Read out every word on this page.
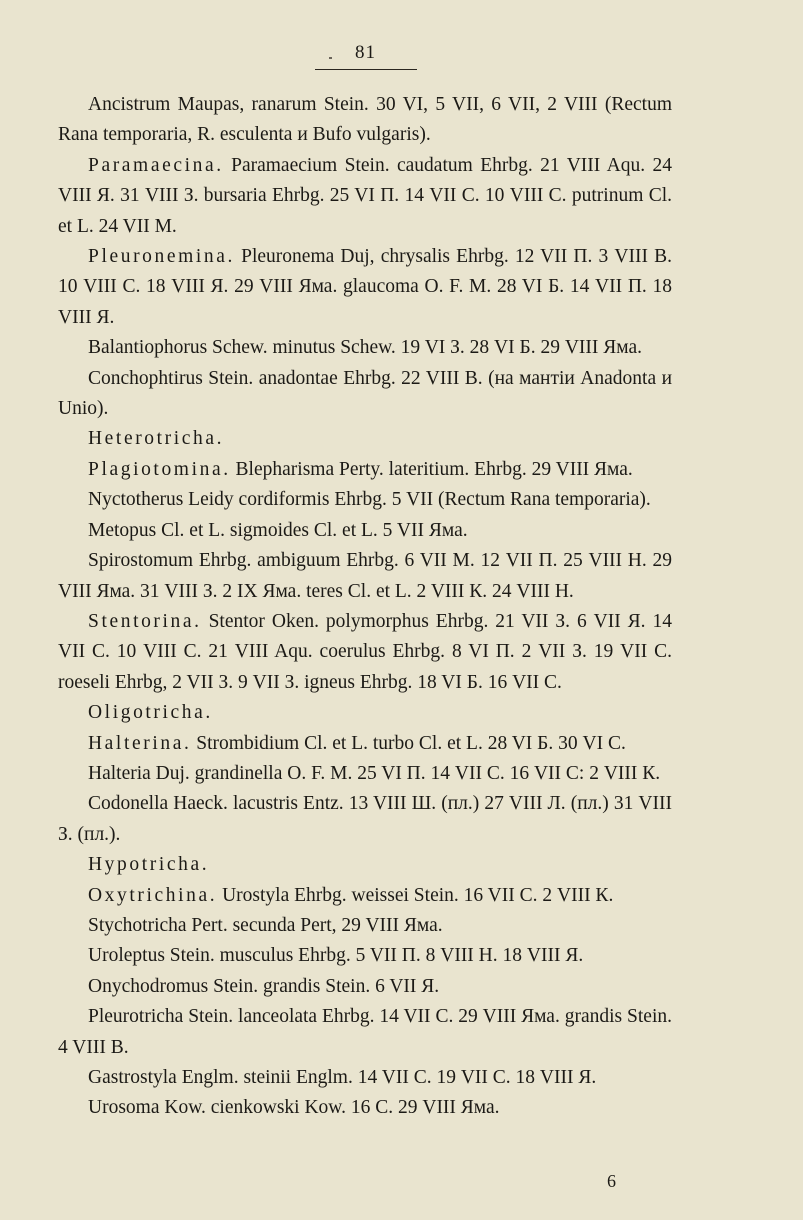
81

Ancistrum Maupas, ranarum Stein. 30 VI, 5 VII, 6 VII, 2 VIII (Rectum Rana temporaria, R. esculenta и Bufo vulgaris).

Paramaecina. Paramaecium Stein. caudatum Ehrbg. 21 VIII Aqu. 24 VIII Я. 31 VIII З. bursaria Ehrbg. 25 VI П. 14 VII С. 10 VIII С. putrinum Cl. et L. 24 VII М.

Pleuronemina. Pleuronema Duj, chrysalis Ehrbg. 12 VII П. 3 VIII В. 10 VIII С. 18 VIII Я. 29 VIII Яма. glaucoma O. F. M. 28 VI Б. 14 VII П. 18 VIII Я.

Balantiophorus Schew. minutus Schew. 19 VI З. 28 VI Б. 29 VIII Яма.

Conchophtirus Stein. anadontae Ehrbg. 22 VIII В. (на мантіи Anadonta и Unio).

Heterotricha.

Plagiotomina. Blepharisma Perty. lateritium. Ehrbg. 29 VIII Яма.

Nyctotherus Leidy cordiformis Ehrbg. 5 VII (Rectum Rana temporaria).

Metopus Cl. et L. sigmoides Cl. et L. 5 VII Яма.

Spirostomum Ehrbg. ambiguum Ehrbg. 6 VII М. 12 VII П. 25 VIII Н. 29 VIII Яма. 31 VIII З. 2 IX Яма. teres Cl. et L. 2 VIII К. 24 VIII Н.

Stentorina. Stentor Oken. polymorphus Ehrbg. 21 VII З. 6 VII Я. 14 VII С. 10 VIII С. 21 VIII Aqu. coerulus Ehrbg. 8 VI П. 2 VII З. 19 VII С. roeseli Ehrbg, 2 VII З. 9 VII З. igneus Ehrbg. 18 VI Б. 16 VII С.

Oligotricha.

Halterina. Strombidium Cl. et L. turbo Cl. et L. 28 VI Б. 30 VI С.

Halteria Duj. grandinella O. F. M. 25 VI П. 14 VII С. 16 VII С: 2 VIII К.

Codonella Haeck. lacustris Entz. 13 VIII Ш. (пл.) 27 VIII Л. (пл.) 31 VIII З. (пл.).

Hypotricha.

Oxytrichina. Urostyla Ehrbg. weissei Stein. 16 VII С. 2 VIII К.

Stychotricha Pert. secunda Pert, 29 VIII Яма.

Uroleptus Stein. musculus Ehrbg. 5 VII П. 8 VIII Н. 18 VIII Я.

Onychodromus Stein. grandis Stein. 6 VII Я.

Pleurotricha Stein. lanceolata Ehrbg. 14 VII С. 29 VIII Яма. grandis Stein. 4 VIII В.

Gastrostyla Englm. steinii Englm. 14 VII С. 19 VII С. 18 VIII Я.

Urosoma Kow. cienkowski Kow. 16 С. 29 VIII Яма.

6
